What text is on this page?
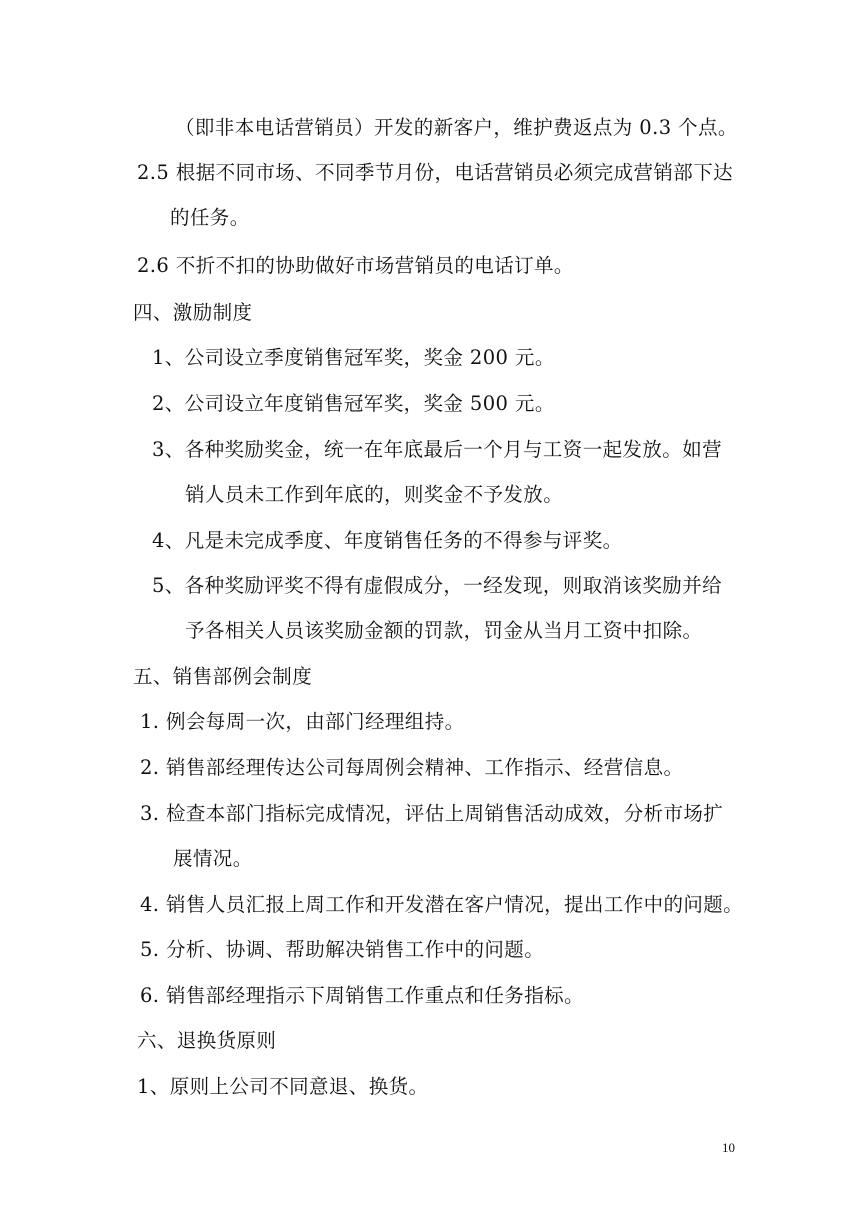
（即非本电话营销员）开发的新客户，维护费返点为 0.3 个点。
2.5 根据不同市场、不同季节月份，电话营销员必须完成营销部下达
的任务。
2.6 不折不扣的协助做好市场营销员的电话订单。
四、激励制度
1、公司设立季度销售冠军奖，奖金 200 元。
2、公司设立年度销售冠军奖，奖金 500 元。
3、各种奖励奖金，统一在年底最后一个月与工资一起发放。如营
销人员未工作到年底的，则奖金不予发放。
4、凡是未完成季度、年度销售任务的不得参与评奖。
5、各种奖励评奖不得有虚假成分，一经发现，则取消该奖励并给
予各相关人员该奖励金额的罚款，罚金从当月工资中扣除。
五、销售部例会制度
1. 例会每周一次，由部门经理组持。
2. 销售部经理传达公司每周例会精神、工作指示、经营信息。
3. 检查本部门指标完成情况，评估上周销售活动成效，分析市场扩
展情况。
4. 销售人员汇报上周工作和开发潜在客户情况，提出工作中的问题。
5. 分析、协调、帮助解决销售工作中的问题。
6. 销售部经理指示下周销售工作重点和任务指标。
六、退换货原则
1、原则上公司不同意退、换货。
10
